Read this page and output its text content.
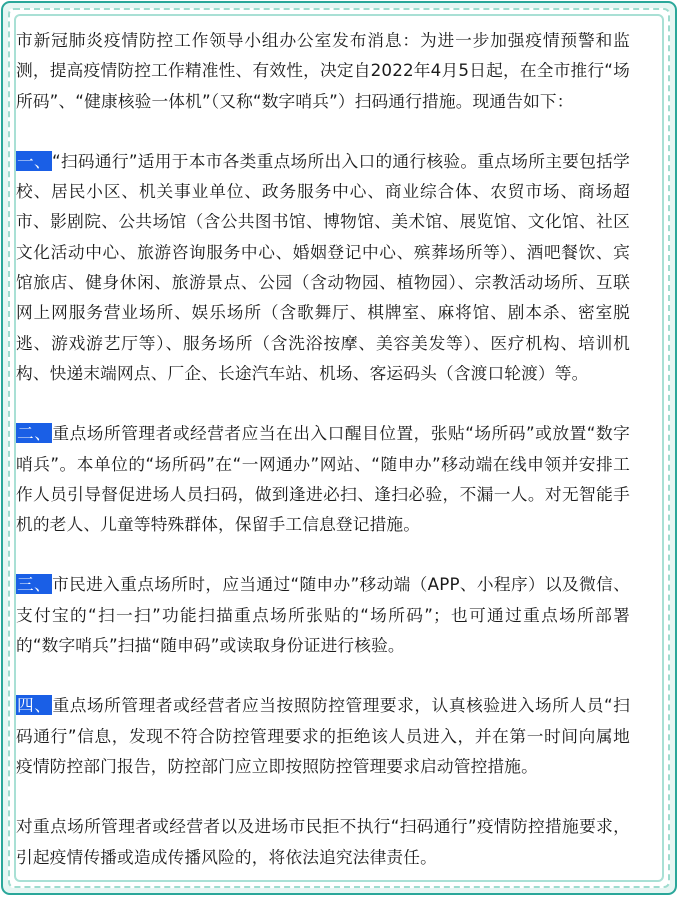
市新冠肺炎疫情防控工作领导小组办公室发布消息：为进一步加强疫情预警和监测，提高疫情防控工作精准性、有效性，决定自2022年4月5日起，在全市推行“场所码”、“健康核验一体机”（又称“数字哨兵”）扫码通行措施。现通告如下：

一、“扫码通行”适用于本市各类重点场所出入口的通行核验。重点场所主要包括学校、居民小区、机关事业单位、政务服务中心、商业综合体、农贸市场、商场超市、影剧院、公共场馆（含公共图书馆、博物馆、美术馆、展览馆、文化馆、社区文化活动中心、旅游咨询服务中心、婚姻登记中心、殡葬场所等）、酒吧餐饮、宾馆旅店、健身休闲、旅游景点、公园（含动物园、植物园）、宗教活动场所、互联网上网服务营业场所、娱乐场所（含歌舞厅、棋牌室、麻将馆、剧本杀、密室脱逃、游戏游艺厅等）、服务场所（含洗浴按摩、美容美发等）、医疗机构、培训机构、快递末端网点、厂企、长途汽车站、机场、客运码头（含渡口轮渡）等。

二、重点场所管理者或经营者应当在出入口醒目位置，张贴“场所码”或放置“数字哨兵”。本单位的“场所码”在“一网通办”网站、“随申办”移动端在线申领并安排工作人员引导督促进场人员扫码，做到逢进必扫、逢扫必验，不漏一人。对无智能手机的老人、儿童等特殊群体，保留手工信息登记措施。

三、市民进入重点场所时，应当通过“随申办”移动端（APP、小程序）以及微信、支付宝的“扫一扫”功能扫描重点场所张贴的“场所码”；也可通过重点场所部署的“数字哨兵”扫描“随申码”或读取身份证进行核验。

四、重点场所管理者或经营者应当按照防控管理要求，认真核验进入场所人员“扫码通行”信息，发现不符合防控管理要求的拒绝该人员进入，并在第一时间向属地疫情防控部门报告，防控部门应立即按照防控管理要求启动管控措施。

对重点场所管理者或经营者以及进场市民拒不执行“扫码通行”疫情防控措施要求，引起疫情传播或造成传播风险的，将依法追究法律责任。
